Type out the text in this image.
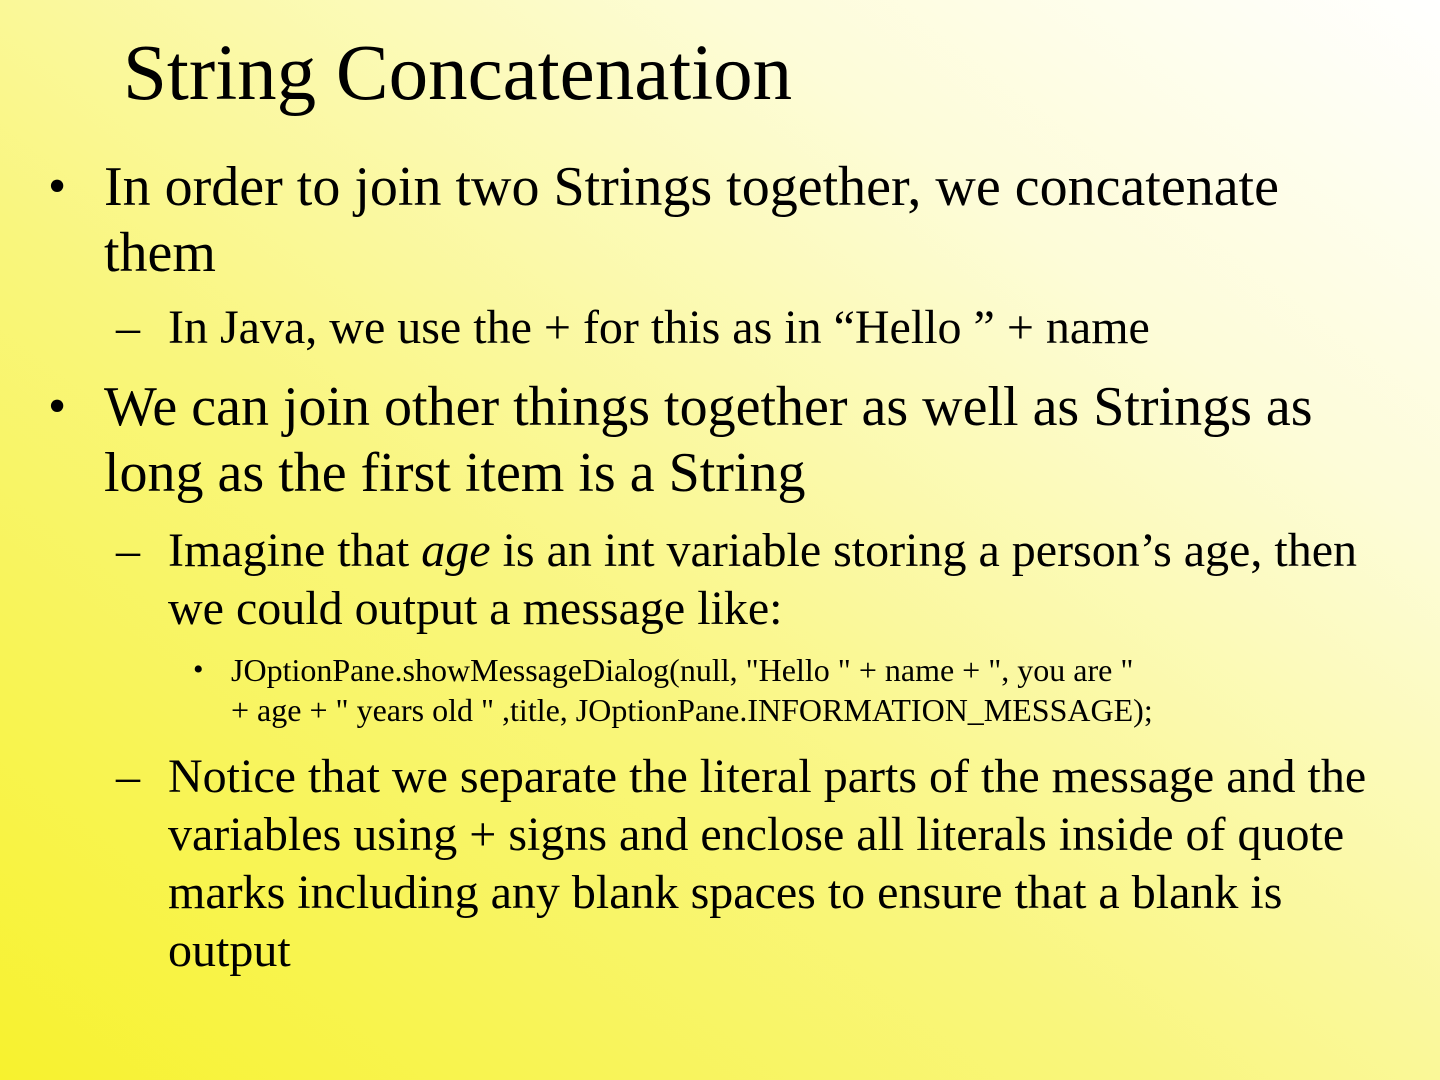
String Concatenation
• In order to join two Strings together, we concatenate them
– In Java, we use the + for this as in “Hello ” + name
• We can join other things together as well as Strings as long as the first item is a String
– Imagine that age is an int variable storing a person’s age, then we could output a message like:
• JOptionPane.showMessageDialog(null, "Hello " + name + ", you are "
+ age + " years old " ,title, JOptionPane.INFORMATION_MESSAGE);
– Notice that we separate the literal parts of the message and the variables using + signs and enclose all literals inside of quote marks including any blank spaces to ensure that a blank is output
